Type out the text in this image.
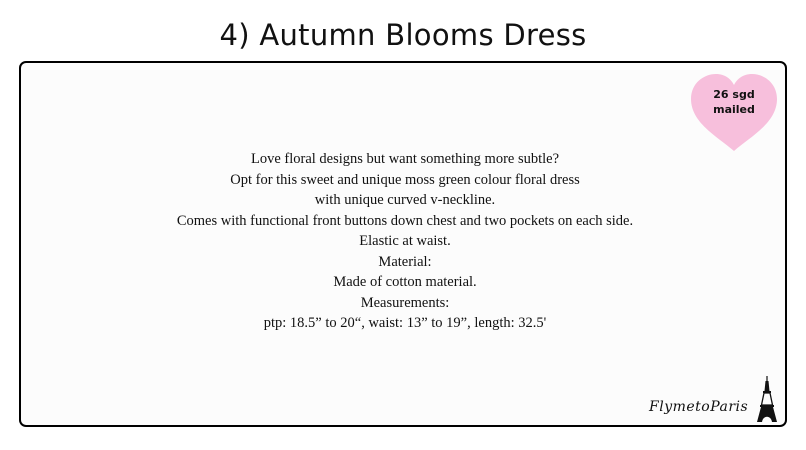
4) Autumn Blooms Dress
26 sgd
mailed
Love floral designs but want something more subtle?
Opt for this sweet and unique moss green colour floral dress
with unique curved v-neckline.
Comes with functional front buttons down chest and two pockets on each side.
Elastic at waist.
Material:
Made of cotton material.
Measurements:
ptp: 18.5” to 20“, waist: 13” to 19”, length: 32.5'
FlymetoParis
